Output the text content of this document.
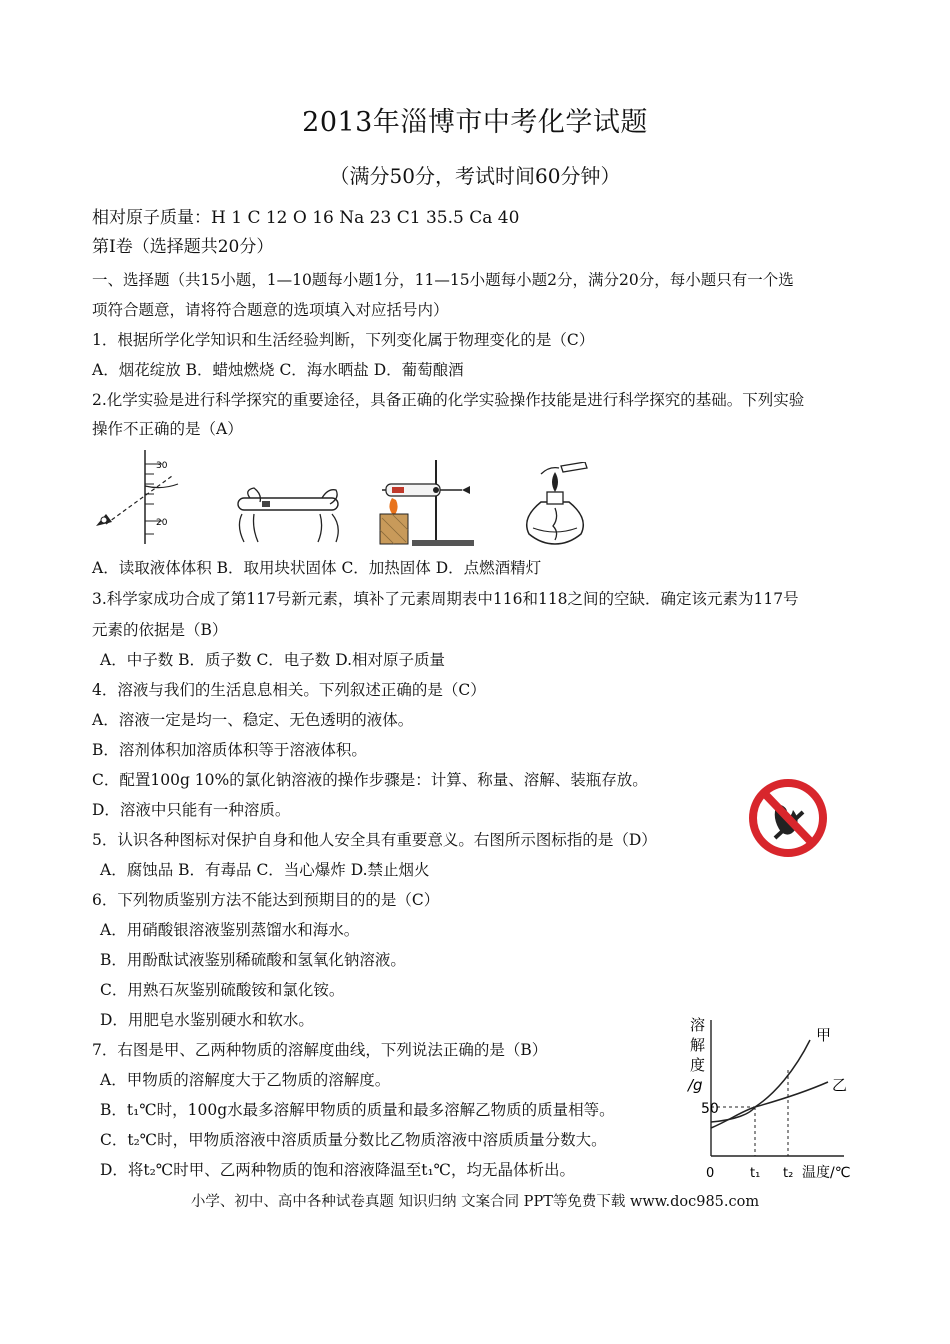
2013年淄博市中考化学试题
（满分50分，考试时间60分钟）
相对原子质量：H 1 C 12 O 16 Na 23 C1 35.5 Ca 40
第Ⅰ卷（选择题共20分）
一、选择题（共15小题，1—10题每小题1分，11—15小题每小题2分，满分20分，每小题只有一个选
项符合题意，请将符合题意的选项填入对应括号内）
1．根据所学化学知识和生活经验判断，下列变化属于物理变化的是（C）
A．烟花绽放 B．蜡烛燃烧 C．海水晒盐 D．葡萄酿酒
2.化学实验是进行科学探究的重要途径，具备正确的化学实验操作技能是进行科学探究的基础。下列实验
操作不正确的是（A）
30
20
A．读取液体体积 B．取用块状固体 C．加热固体 D．点燃酒精灯
3.科学家成功合成了第117号新元素，填补了元素周期表中116和118之间的空缺．确定该元素为117号
元素的依据是（B）
A．中子数 B．质子数 C．电子数 D.相对原子质量
4．溶液与我们的生活息息相关。下列叙述正确的是（C）
A．溶液一定是均一、稳定、无色透明的液体。
B．溶剂体积加溶质体积等于溶液体积。
C．配置100g 10%的氯化钠溶液的操作步骤是：计算、称量、溶解、装瓶存放。
D．溶液中只能有一种溶质。
5．认识各种图标对保护自身和他人安全具有重要意义。右图所示图标指的是（D）
A．腐蚀品 B．有毒品 C．当心爆炸 D.禁止烟火
6．下列物质鉴别方法不能达到预期目的的是（C）
A．用硝酸银溶液鉴别蒸馏水和海水。
B．用酚酞试液鉴别稀硫酸和氢氧化钠溶液。
C．用熟石灰鉴别硫酸铵和氯化铵。
D．用肥皂水鉴别硬水和软水。
7．右图是甲、乙两种物质的溶解度曲线，下列说法正确的是（B）
A．甲物质的溶解度大于乙物质的溶解度。
B．t₁℃时，100g水最多溶解甲物质的质量和最多溶解乙物质的质量相等。
C．t₂℃时，甲物质溶液中溶质质量分数比乙物质溶液中溶质质量分数大。
D．将t₂℃时甲、乙两种物质的饱和溶液降温至t₁℃，均无晶体析出。
溶
解
度
/g
50
甲
乙
0	t₁ t₂ 温度/℃
小学、初中、高中各种试卷真题 知识归纳 文案合同 PPT等免费下载 www.doc985.com
